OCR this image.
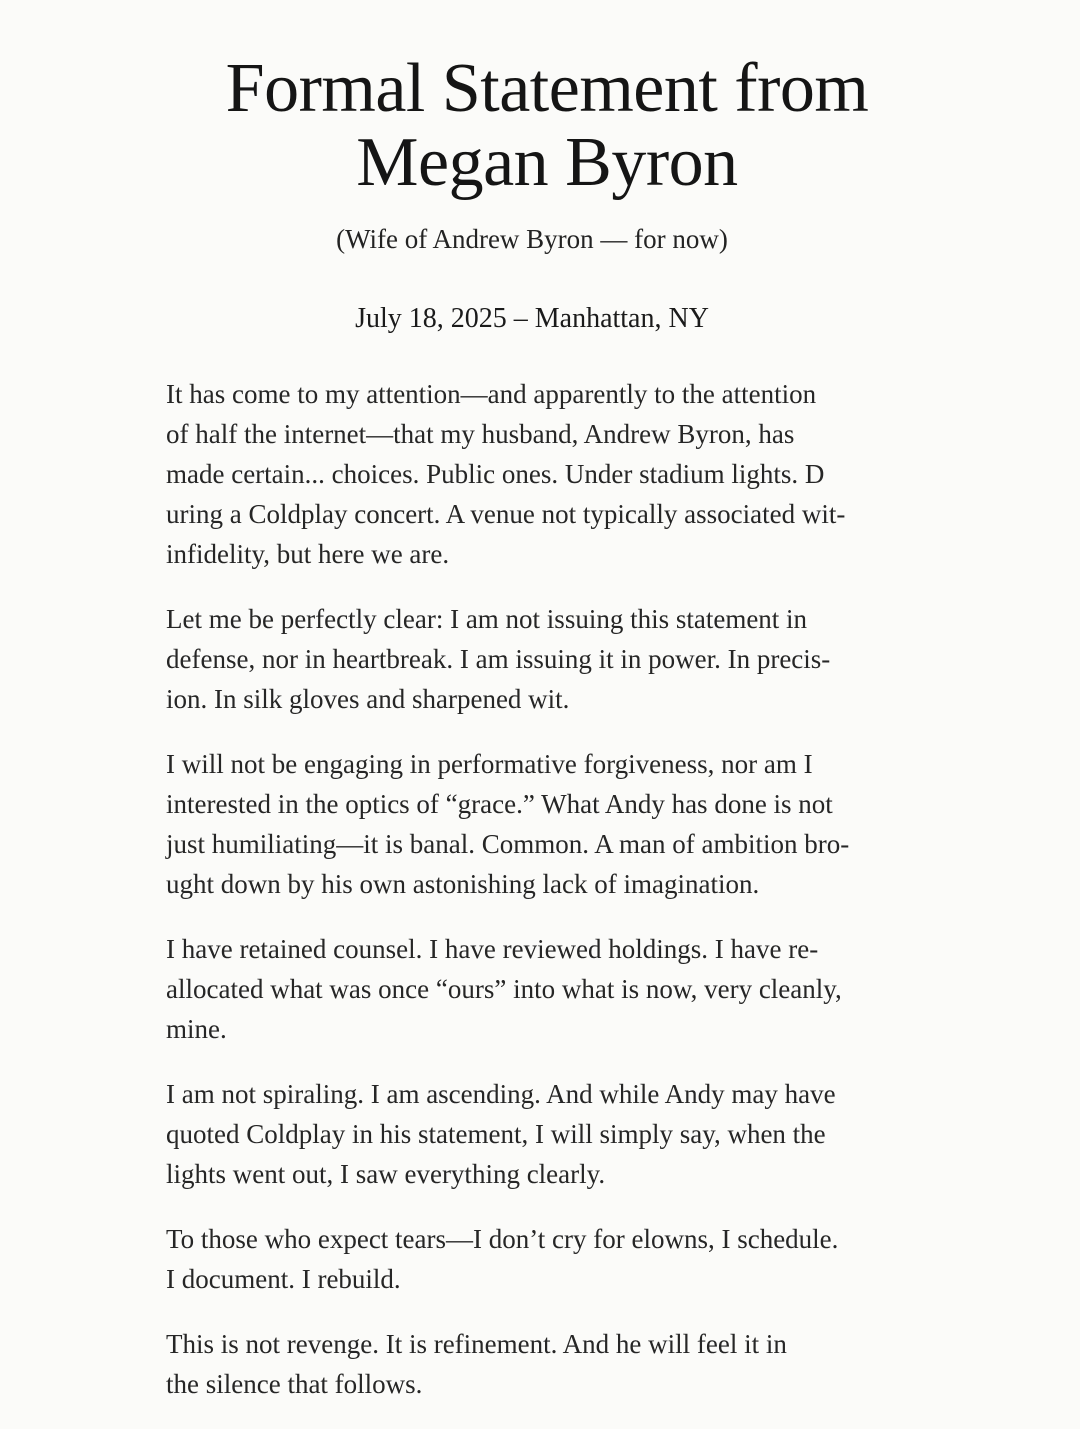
Formal Statement from
Megan Byron
(Wife of Andrew Byron — for now)
July 18, 2025 – Manhattan, NY

It has come to my attention—and apparently to the attention
of half the internet—that my husband, Andrew Byron, has
made certain... choices. Public ones. Under stadium lights. D
uring a Coldplay concert. A venue not typically associated wit-
infidelity, but here we are.

Let me be perfectly clear: I am not issuing this statement in
defense, nor in heartbreak. I am issuing it in power. In precis-
ion. In silk gloves and sharpened wit.

I will not be engaging in performative forgiveness, nor am I
interested in the optics of “grace.” What Andy has done is not
just humiliating—it is banal. Common. A man of ambition bro-
ught down by his own astonishing lack of imagination.

I have retained counsel. I have reviewed holdings. I have re-
allocated what was once “ours” into what is now, very cleanly,
mine.

I am not spiraling. I am ascending. And while Andy may have
quoted Coldplay in his statement, I will simply say, when the
lights went out, I saw everything clearly.

To those who expect tears—I don’t cry for elowns, I schedule.
I document. I rebuild.

This is not revenge. It is refinement. And he will feel it in
the silence that follows.
